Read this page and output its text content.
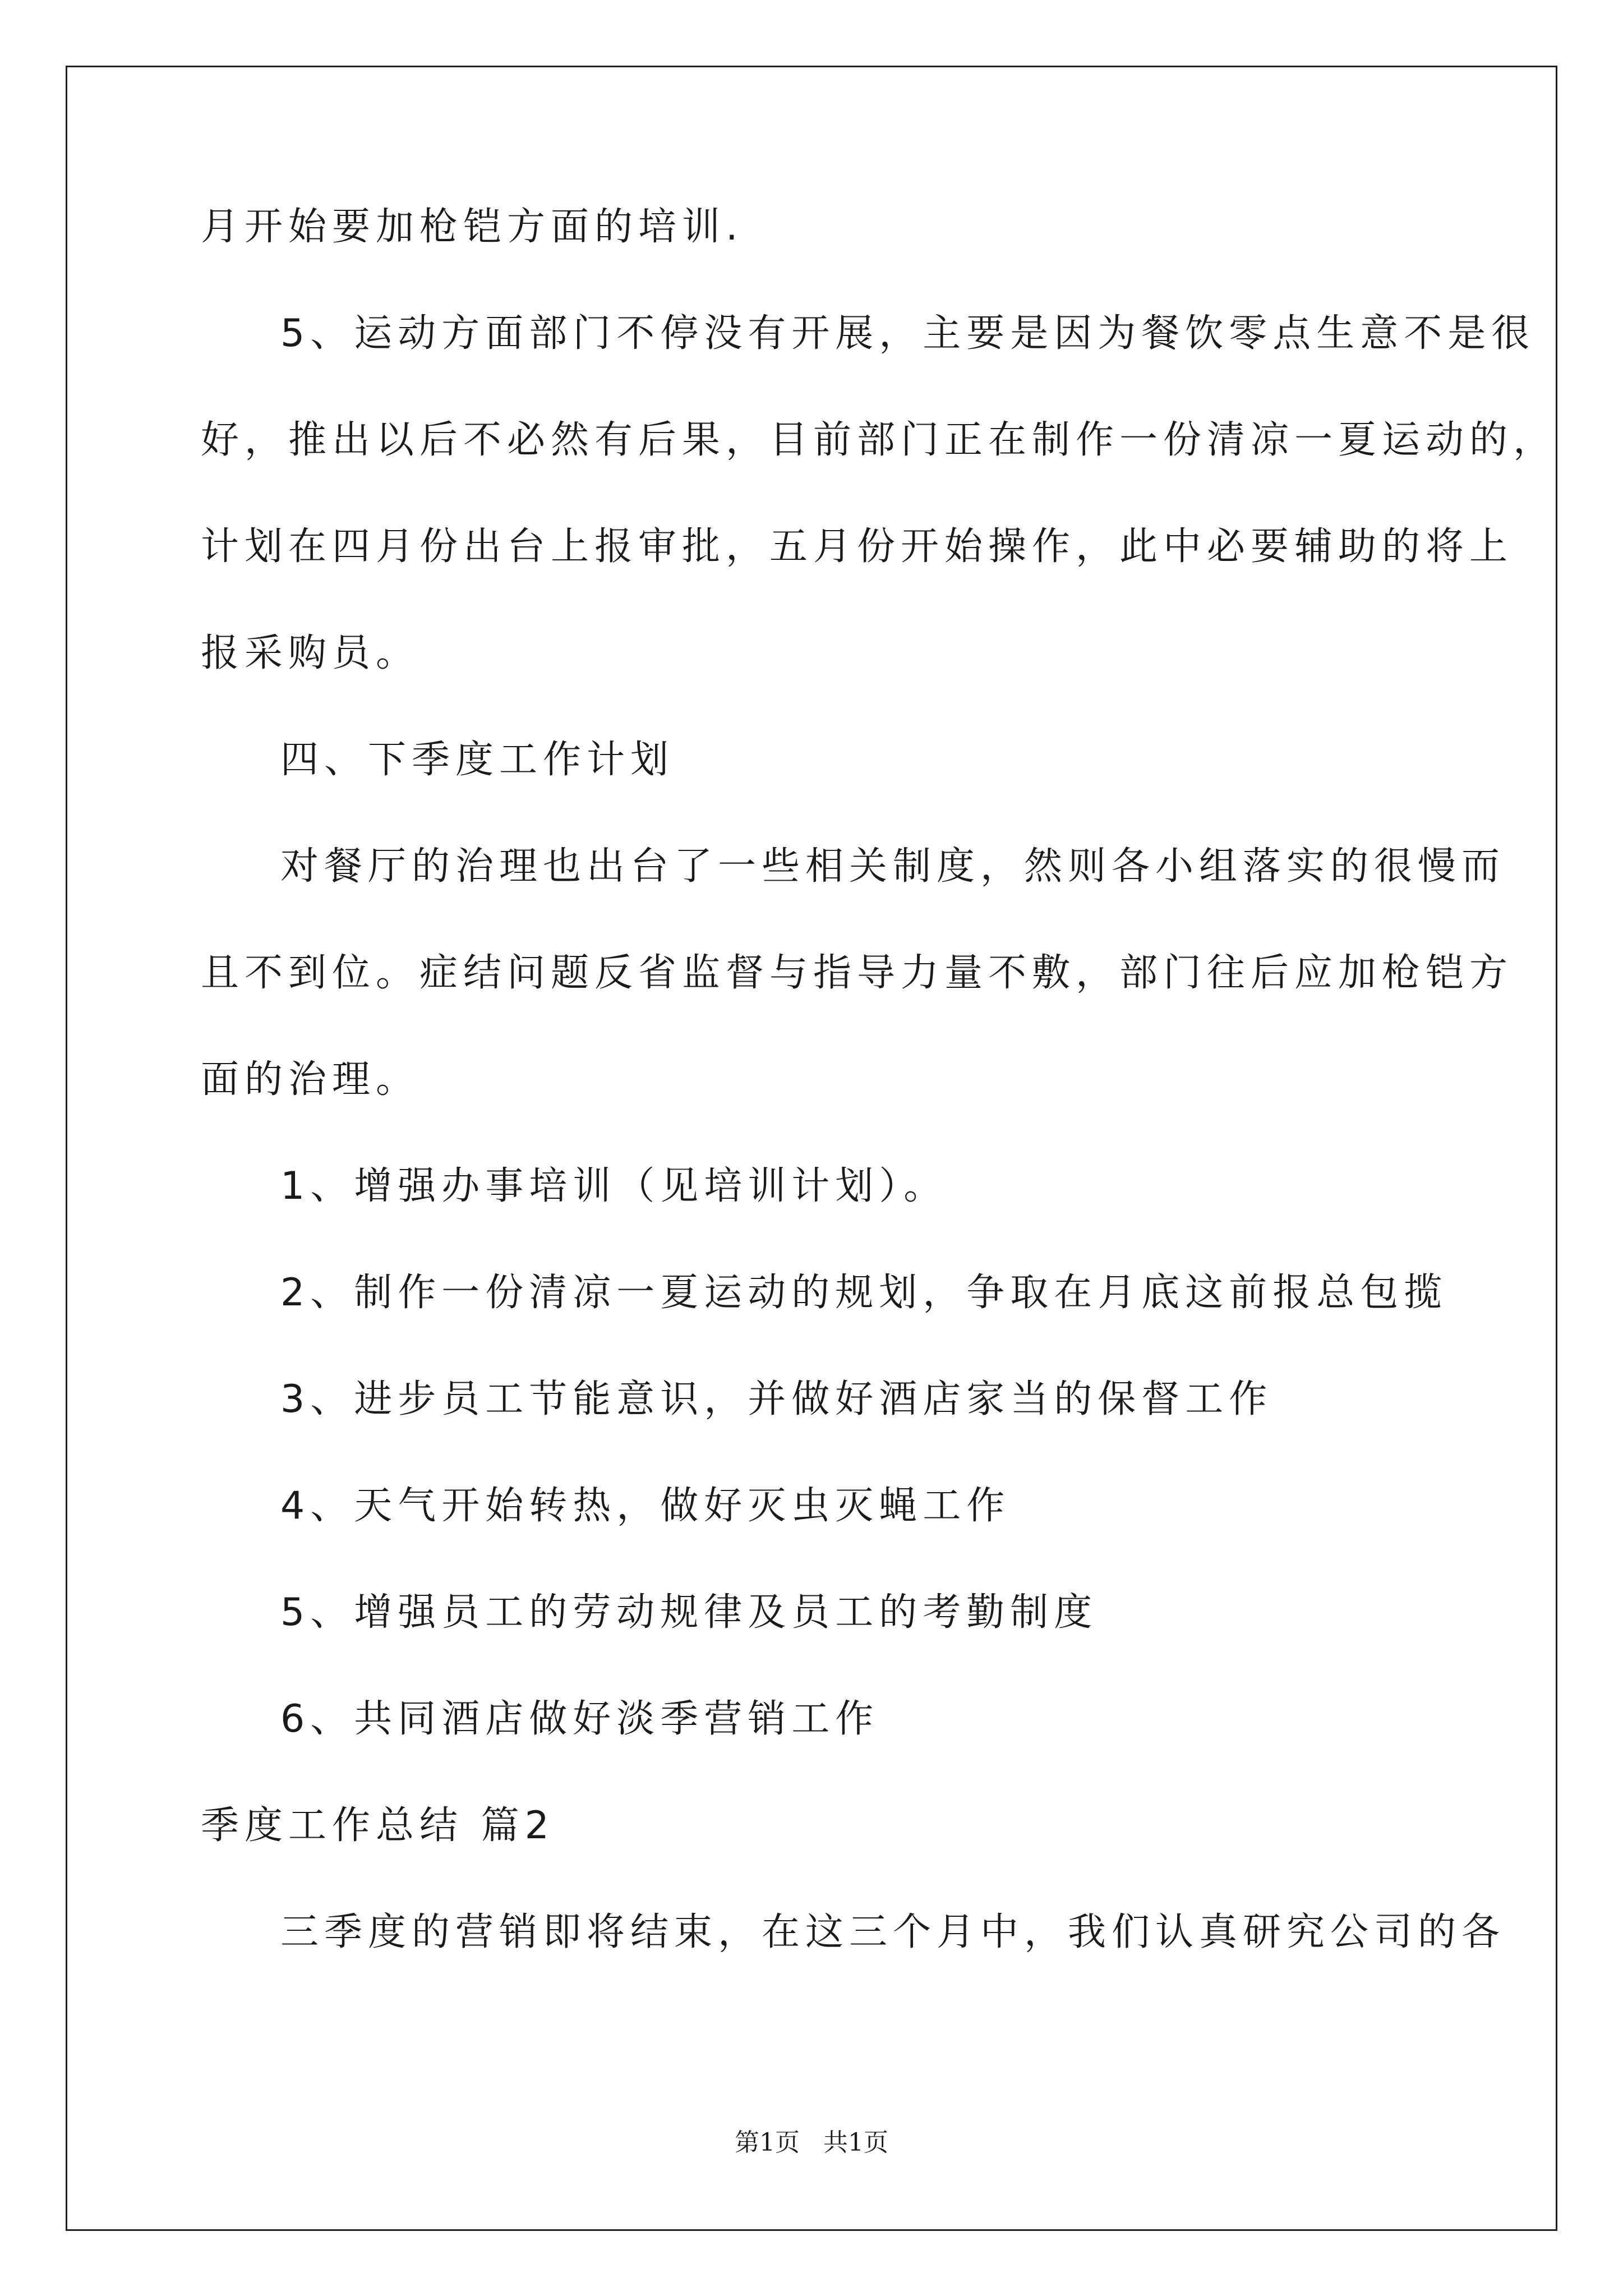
月开始要加枪铠方面的培训.
5、运动方面部门不停没有开展，主要是因为餐饮零点生意不是很
好，推出以后不必然有后果，目前部门正在制作一份清凉一夏运动的，
计划在四月份出台上报审批，五月份开始操作，此中必要辅助的将上
报采购员。
四、下季度工作计划
对餐厅的治理也出台了一些相关制度，然则各小组落实的很慢而
且不到位。症结问题反省监督与指导力量不敷，部门往后应加枪铠方
面的治理。
1、增强办事培训（见培训计划）。
2、制作一份清凉一夏运动的规划，争取在月底这前报总包揽
3、进步员工节能意识，并做好酒店家当的保督工作
4、天气开始转热，做好灭虫灭蝇工作
5、增强员工的劳动规律及员工的考勤制度
6、共同酒店做好淡季营销工作
季度工作总结 篇2
三季度的营销即将结束，在这三个月中，我们认真研究公司的各
第1页   共1页
